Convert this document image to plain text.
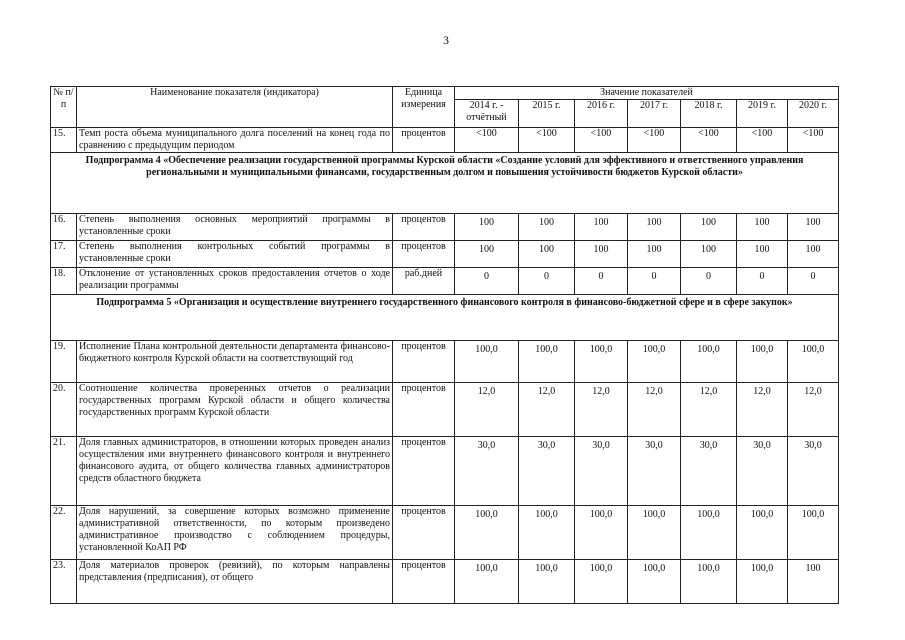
3
№ п/п	Наименование показателя (индикатора)	Единица измерения	Значение показателей						
			2014 г. - отчётный	2015 г.	2016 г.	2017 г.	2018 г.	2019 г.	2020 г.
15.	Темп роста объема муниципального долга поселений на конец года по сравнению с предыдущим периодом	процентов	<100	<100	<100	<100	<100	<100	<100
Подпрограмма 4 «Обеспечение реализации государственной программы Курской области «Создание условий для эффективного и ответственного управления региональными и муниципальными финансами, государственным долгом и повышения устойчивости бюджетов Курской области»									
16.	Степень выполнения основных мероприятий программы в установленные сроки	процентов	100	100	100	100	100	100	100
17.	Степень выполнения контрольных событий программы в установленные сроки	процентов	100	100	100	100	100	100	100
18.	Отклонение от установленных сроков предоставления отчетов о ходе реализации программы	раб.дней	0	0	0	0	0	0	0
Подпрограмма 5 «Организация и осуществление внутреннего государственного финансового контроля в финансово-бюджетной сфере и в сфере закупок»									
19.	Исполнение Плана контрольной деятельности департамента финансово-бюджетного контроля Курской области на соответствующий год	процентов	100,0	100,0	100,0	100,0	100,0	100,0	100,0
20.	Соотношение количества проверенных отчетов о реализации государственных программ Курской области и общего количества государственных программ Курской области	процентов	12,0	12,0	12,0	12,0	12,0	12,0	12,0
21.	Доля главных администраторов, в отношении которых проведен анализ осуществления ими внутреннего финансового контроля и внутреннего финансового аудита, от общего количества главных администраторов средств областного бюджета	процентов	30,0	30,0	30,0	30,0	30,0	30,0	30,0
22.	Доля нарушений, за совершение которых возможно применение административной ответственности, по которым произведено административное производство с соблюдением процедуры, установленной КоАП РФ	процентов	100,0	100,0	100,0	100,0	100,0	100,0	100,0
23.	Доля материалов проверок (ревизий), по которым направлены представления (предписания), от общего	процентов	100,0	100,0	100,0	100,0	100,0	100,0	100
